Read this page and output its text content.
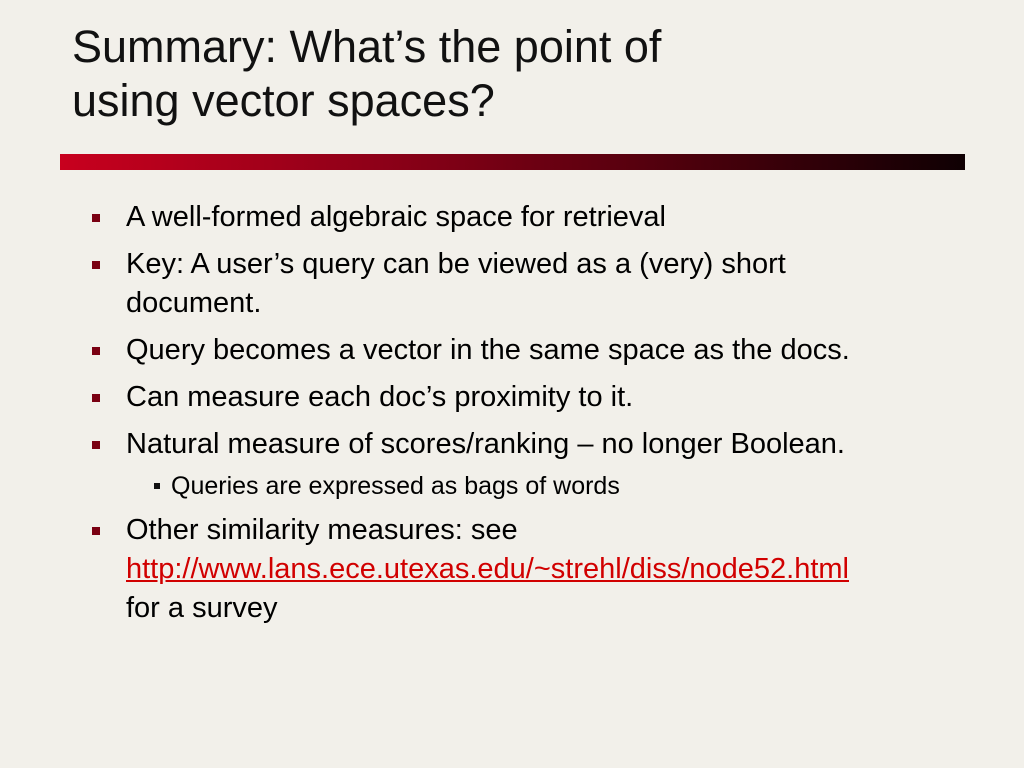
Summary: What’s the point of
using vector spaces?
A well-formed algebraic space for retrieval
Key: A user’s query can be viewed as a (very) short document.
Query becomes a vector in the same space as the docs.
Can measure each doc’s proximity to it.
Natural measure of scores/ranking – no longer Boolean.
Queries are expressed as bags of words
Other similarity measures: see
http://www.lans.ece.utexas.edu/~strehl/diss/node52.html
for a survey
